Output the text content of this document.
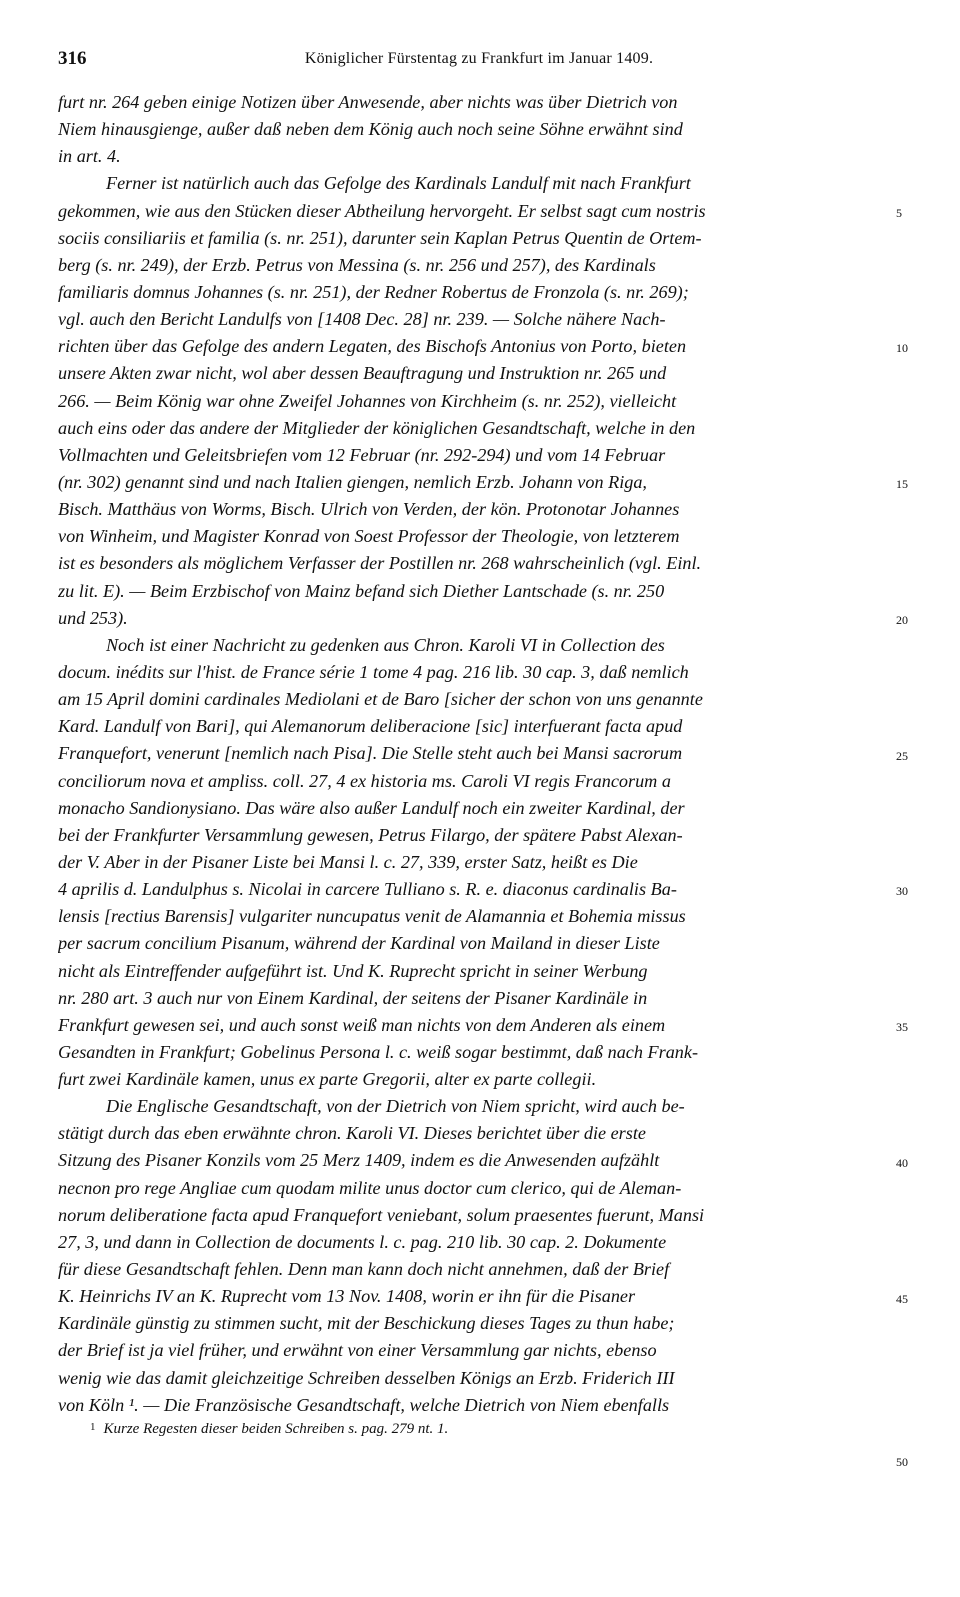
316	Königlicher Fürstentag zu Frankfurt im Januar 1409.
furt nr. 264 geben einige Notizen über Anwesende, aber nichts was über Dietrich von
Niem hinausgienge, außer daß neben dem König auch noch seine Söhne erwähnt sind
in art. 4.
Ferner ist natürlich auch das Gefolge des Kardinals Landulf mit nach Frankfurt
gekommen, wie aus den Stücken dieser Abtheilung hervorgeht. Er selbst sagt cum nostris
sociis consiliariis et familia (s. nr. 251), darunter sein Kaplan Petrus Quentin de Ortem-
berg (s. nr. 249), der Erzb. Petrus von Messina (s. nr. 256 und 257), des Kardinals
familiaris domnus Johannes (s. nr. 251), der Redner Robertus de Fronzola (s. nr. 269);
vgl. auch den Bericht Landulfs von [1408 Dec. 28] nr. 239. — Solche nähere Nach-
richten über das Gefolge des andern Legaten, des Bischofs Antonius von Porto, bieten
unsere Akten zwar nicht, wol aber dessen Beauftragung und Instruktion nr. 265 und
266. — Beim König war ohne Zweifel Johannes von Kirchheim (s. nr. 252), vielleicht
auch eins oder das andere der Mitglieder der königlichen Gesandtschaft, welche in den
Vollmachten und Geleitsbriefen vom 12 Februar (nr. 292-294) und vom 14 Februar
(nr. 302) genannt sind und nach Italien giengen, nemlich Erzb. Johann von Riga,
Bisch. Matthäus von Worms, Bisch. Ulrich von Verden, der kön. Protonotar Johannes
von Winheim, und Magister Konrad von Soest Professor der Theologie, von letzterem
ist es besonders als möglichem Verfasser der Postillen nr. 268 wahrscheinlich (vgl. Einl.
zu lit. E). — Beim Erzbischof von Mainz befand sich Diether Lantschade (s. nr. 250
und 253).
Noch ist einer Nachricht zu gedenken aus Chron. Karoli VI in Collection des
docum. inédits sur l'hist. de France série 1 tome 4 pag. 216 lib. 30 cap. 3, daß nemlich
am 15 April domini cardinales Mediolani et de Baro [sicher der schon von uns genannte
Kard. Landulf von Bari], qui Alemanorum deliberacione [sic] interfuerant facta apud
Franquefort, venerunt [nemlich nach Pisa]. Die Stelle steht auch bei Mansi sacrorum
conciliorum nova et ampliss. coll. 27, 4 ex historia ms. Caroli VI regis Francorum a
monacho Sandionysiano. Das wäre also außer Landulf noch ein zweiter Kardinal, der
bei der Frankfurter Versammlung gewesen, Petrus Filargo, der spätere Pabst Alexan-
der V. Aber in der Pisaner Liste bei Mansi l. c. 27, 339, erster Satz, heißt es Die
4 aprilis d. Landulphus s. Nicolai in carcere Tulliano s. R. e. diaconus cardinalis Ba-
lensis [rectius Barensis] vulgariter nuncupatus venit de Alamannia et Bohemia missus
per sacrum concilium Pisanum, während der Kardinal von Mailand in dieser Liste
nicht als Eintreffender aufgeführt ist. Und K. Ruprecht spricht in seiner Werbung
nr. 280 art. 3 auch nur von Einem Kardinal, der seitens der Pisaner Kardinäle in
Frankfurt gewesen sei, und auch sonst weiß man nichts von dem Anderen als einem
Gesandten in Frankfurt; Gobelinus Persona l. c. weiß sogar bestimmt, daß nach Frank-
furt zwei Kardinäle kamen, unus ex parte Gregorii, alter ex parte collegii.
Die Englische Gesandtschaft, von der Dietrich von Niem spricht, wird auch be-
stätigt durch das eben erwähnte chron. Karoli VI. Dieses berichtet über die erste
Sitzung des Pisaner Konzils vom 25 Merz 1409, indem es die Anwesenden aufzählt
necnon pro rege Angliae cum quodam milite unus doctor cum clerico, qui de Aleman-
norum deliberatione facta apud Franquefort veniebant, solum praesentes fuerunt, Mansi
27, 3, und dann in Collection de documents l. c. pag. 210 lib. 30 cap. 2. Dokumente
für diese Gesandtschaft fehlen. Denn man kann doch nicht annehmen, daß der Brief
K. Heinrichs IV an K. Ruprecht vom 13 Nov. 1408, worin er ihn für die Pisaner
Kardinäle günstig zu stimmen sucht, mit der Beschickung dieses Tages zu thun habe;
der Brief ist ja viel früher, und erwähnt von einer Versammlung gar nichts, ebenso
wenig wie das damit gleichzeitige Schreiben desselben Königs an Erzb. Friderich III
von Köln ¹. — Die Französische Gesandtschaft, welche Dietrich von Niem ebenfalls
5
10
15
20
25
30
35
40
45
50
$^1$ Kurze Regesten dieser beiden Schreiben s. pag. 279 nt. 1.
